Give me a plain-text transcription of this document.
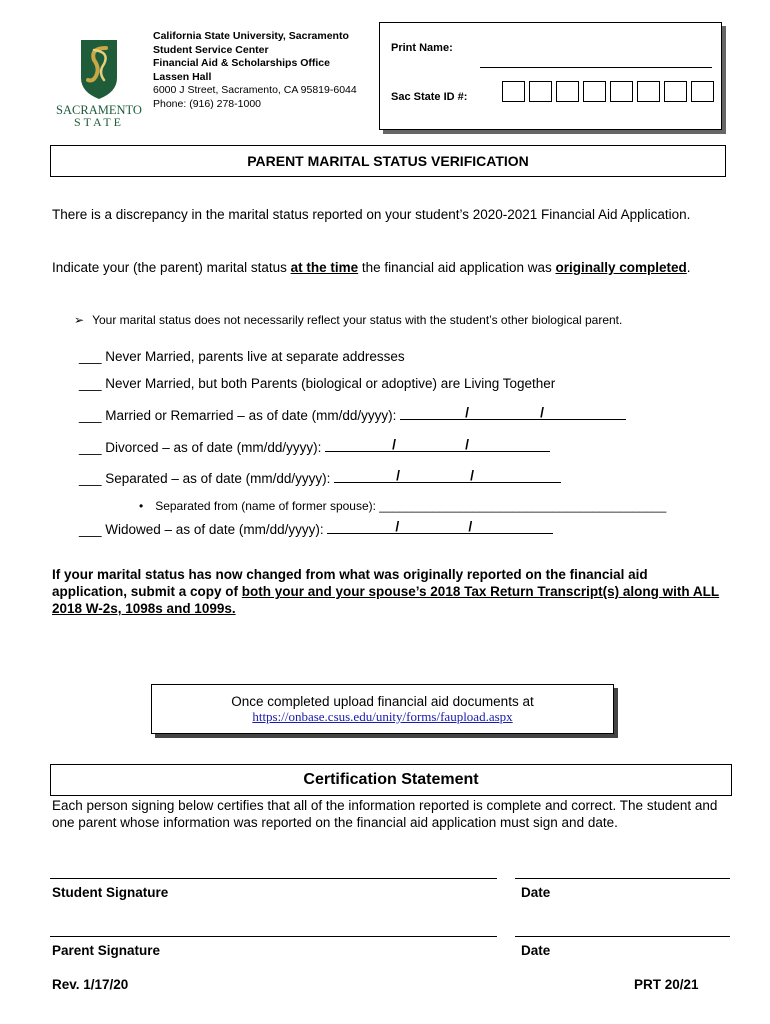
SACRAMENTO
STATE
California State University, Sacramento
Student Service Center
Financial Aid & Scholarships Office
Lassen Hall
6000 J Street, Sacramento, CA 95819-6044
Phone: (916) 278-1000
Print Name:
Sac State ID #:
PARENT MARITAL STATUS VERIFICATION
There is a discrepancy in the marital status reported on your student’s 2020-2021 Financial Aid Application.
Indicate your (the parent) marital status at the time the financial aid application was originally completed.
➢ Your marital status does not necessarily reflect your status with the student’s other biological parent.
___ Never Married, parents live at separate addresses
___ Never Married, but both Parents (biological or adoptive) are Living Together
___ Married or Remarried – as of date (mm/dd/yyyy):	/	/
___ Divorced – as of date (mm/dd/yyyy):	/	/
___ Separated – as of date (mm/dd/yyyy):	/	/
• Separated from (name of former spouse): ___________________________________________
___ Widowed – as of date (mm/dd/yyyy):	/	/
If your marital status has now changed from what was originally reported on the financial aid application, submit a copy of both your and your spouse’s 2018 Tax Return Transcript(s) along with ALL 2018 W-2s, 1098s and 1099s.
Once completed upload financial aid documents at
https://onbase.csus.edu/unity/forms/faupload.aspx
Certification Statement
Each person signing below certifies that all of the information reported is complete and correct. The student and one parent whose information was reported on the financial aid application must sign and date.
Student Signature	Date
Parent Signature	Date
Rev. 1/17/20	PRT 20/21
